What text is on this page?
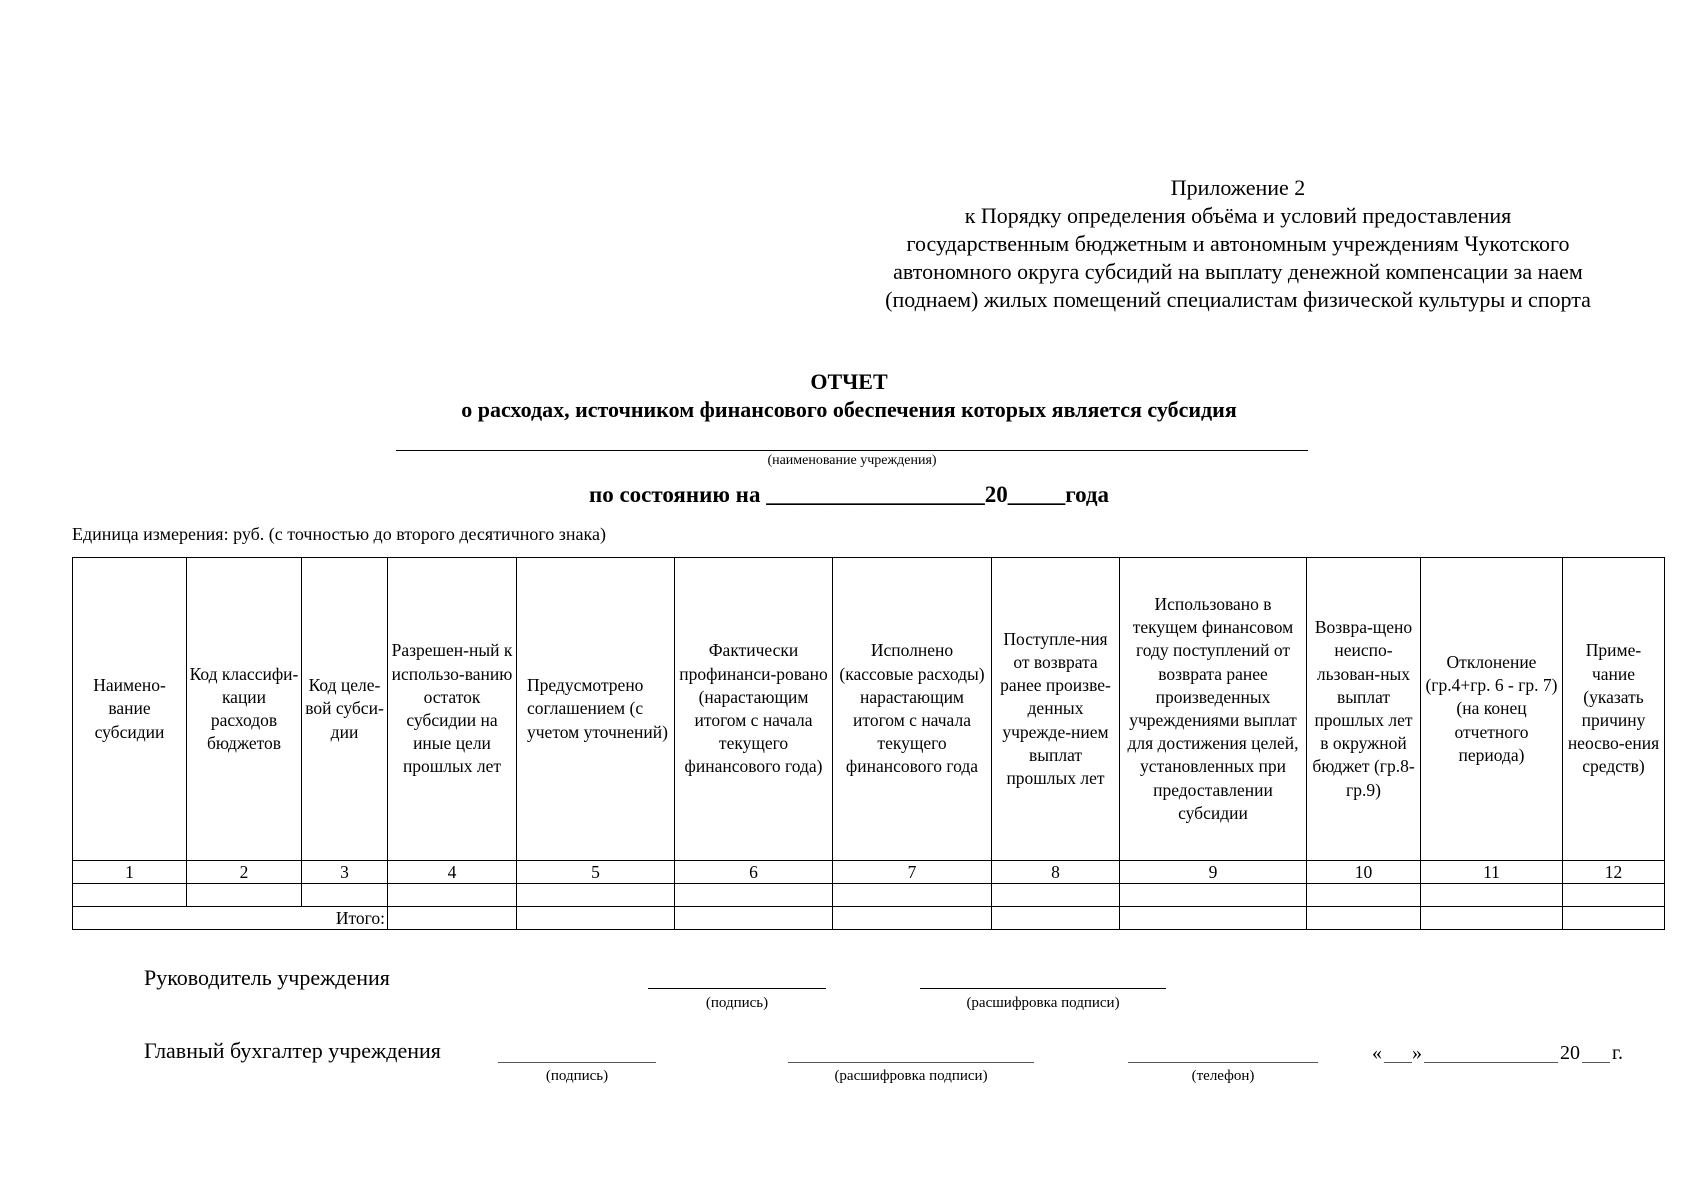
Приложение 2
к Порядку определения объёма и условий предоставления
государственным бюджетным и автономным учреждениям Чукотского
автономного округа субсидий на выплату денежной компенсации за наем
(поднаем) жилых помещений специалистам физической культуры и спорта
ОТЧЕТ
о расходах, источником финансового обеспечения которых является субсидия
(наименование учреждения)
по состоянию на ___________________20_____года
Единица измерения: руб. (с точностью до второго десятичного знака)
Наимено-вание субсидии	Код классифи-кации расходов бюджетов	Код целе-вой субси-дии	Разрешен-ный к использо-ванию остаток субсидии на иные цели прошлых лет	Предусмотрено соглашением (с учетом уточнений)	Фактически профинанси-ровано (нарастающим итогом с начала текущего финансового года)	Исполнено (кассовые расходы) нарастающим итогом с начала текущего финансового года	Поступле-ния от возврата ранее произве-денных учрежде-нием выплат прошлых лет	Использовано в текущем финансовом году поступлений от возврата ранее произведенных учреждениями выплат для достижения целей, установленных при предоставлении субсидии	Возвра-щено неиспо-льзован-ных выплат прошлых лет в окружной бюджет (гр.8-гр.9)	Отклонение (гр.4+гр. 6 - гр. 7) (на конец отчетного периода)	Приме-чание (указать причину неосво-ения средств)
1	2	3	4	5	6	7	8	9	10	11	12

Итого:											
Руководитель учреждения
(подпись)	(расшифровка подписи)
Главный бухгалтер учреждения
(подпись)	(расшифровка подписи)	(телефон)
« »	20 г.
